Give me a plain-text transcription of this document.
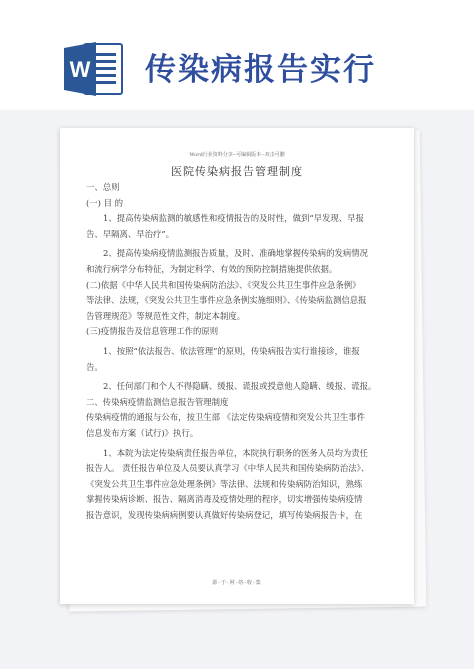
W 传染病报告实行
Word行业资料分享--可编辑版本--双击可删
医院传染病报告管理制度

一、总则

(一) 目 的

1、提高传染病监测的敏感性和疫情报告的及时性，做到“早发现、早报

告、早隔离、早治疗”。

2、提高传染病疫情监测报告质量，及时、准确地掌握传染病的发病情况

和流行病学分布特征，为制定科学、有效的预防控制措施提供依据。

(二)依据《中华人民共和国传染病防治法》、《突发公共卫生事件应急条例》

等法律、法规，《突发公共卫生事件应急条例实施细则》、《传染病监测信息报

告管理规范》等规范性文件，制定本制度。

(三)疫情报告及信息管理工作的原则

1、按照“依法报告、依法管理”的原则，传染病报告实行谁接诊，谁报

告。

2、任何部门和个人不得隐瞒、缓报、谎报或授意他人隐瞒、缓报、谎报。

二、传染病疫情监测信息报告管理制度

传染病疫情的通报与公布，按卫生部 《法定传染病疫情和突发公共卫生事件

信息发布方案（试行)》执行。

1、本院为法定传染病责任报告单位，本院执行职务的医务人员均为责任

报告人。 责任报告单位及人员要认真学习《中华人民共和国传染病防治法》、

《突发公共卫生事件应急处理条例》等法律、法规和传染病防治知识，熟练

掌握传染病诊断、报告、隔离消毒及疫情处理的程序，切实增强传染病疫情

报告意识，发现传染病病例要认真做好传染病登记，填写传染病报告卡，在

源-于-网-络-收-集
